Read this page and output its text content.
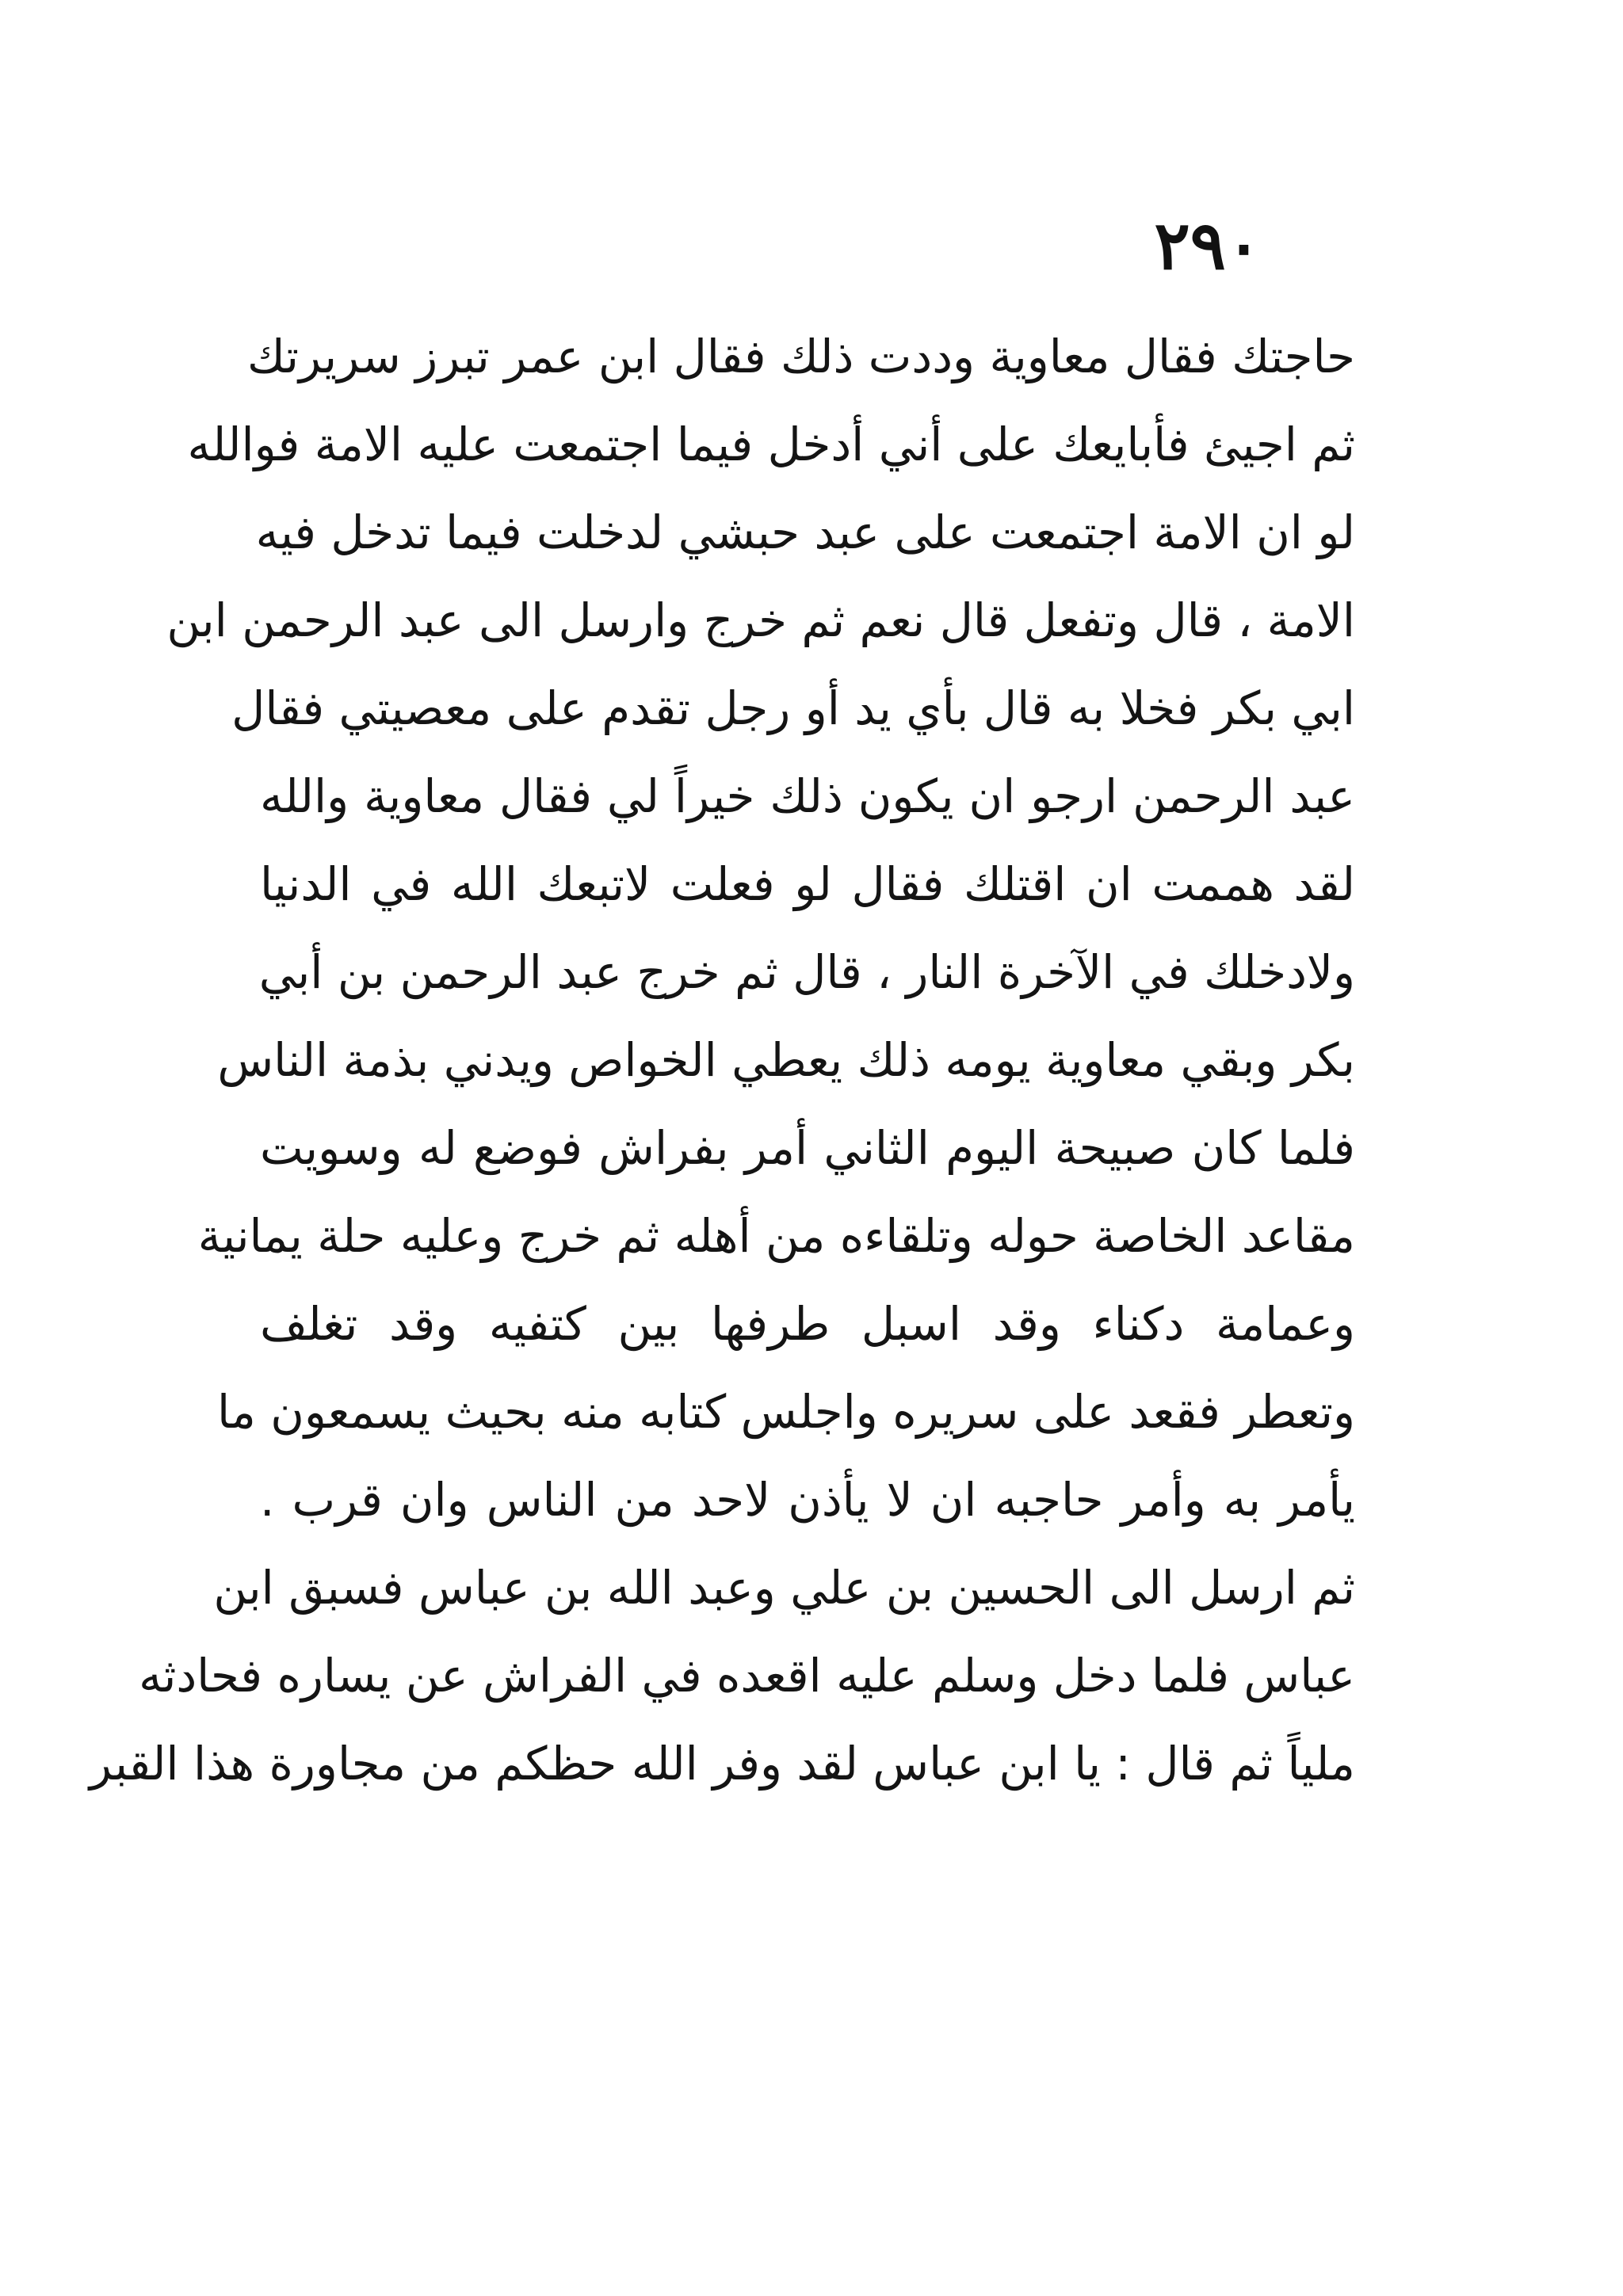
٢٩٠
حاجتك فقال معاوية وددت ذلك فقال ابن عمر تبرز سريرتك
ثم اجيئ فأبايعك على أني أدخل فيما اجتمعت عليه الامة فوالله
لو ان الامة اجتمعت على عبد حبشي لدخلت فيما تدخل فيه
الامة ، قال وتفعل قال نعم ثم خرج وارسل الى عبد الرحمن ابن
ابي بكر فخلا به قال بأي يد أو رجل تقدم على معصيتي فقال
عبد الرحمن ارجو ان يكون ذلك خيراً لي فقال معاوية والله
لقد هممت ان اقتلك فقال لو فعلت لاتبعك الله في الدنيا
ولادخلك في الآخرة النار ، قال ثم خرج عبد الرحمن بن أبي
بكر وبقي معاوية يومه ذلك يعطي الخواص ويدني بذمة الناس
فلما كان صبيحة اليوم الثاني أمر بفراش فوضع له وسويت
مقاعد الخاصة حوله وتلقاءه من أهله ثم خرج وعليه حلة يمانية
وعمامة دكناء وقد اسبل طرفها بين كتفيه وقد تغلف
وتعطر فقعد على سريره واجلس كتابه منه بحيث يسمعون ما
يأمر به وأمر حاجبه ان لا يأذن لاحد من الناس وان قرب .
ثم ارسل الى الحسين بن علي وعبد الله بن عباس فسبق ابن
عباس فلما دخل وسلم عليه اقعده في الفراش عن يساره فحادثه
ملياً ثم قال : يا ابن عباس لقد وفر الله حظكم من مجاورة هذا القبر
